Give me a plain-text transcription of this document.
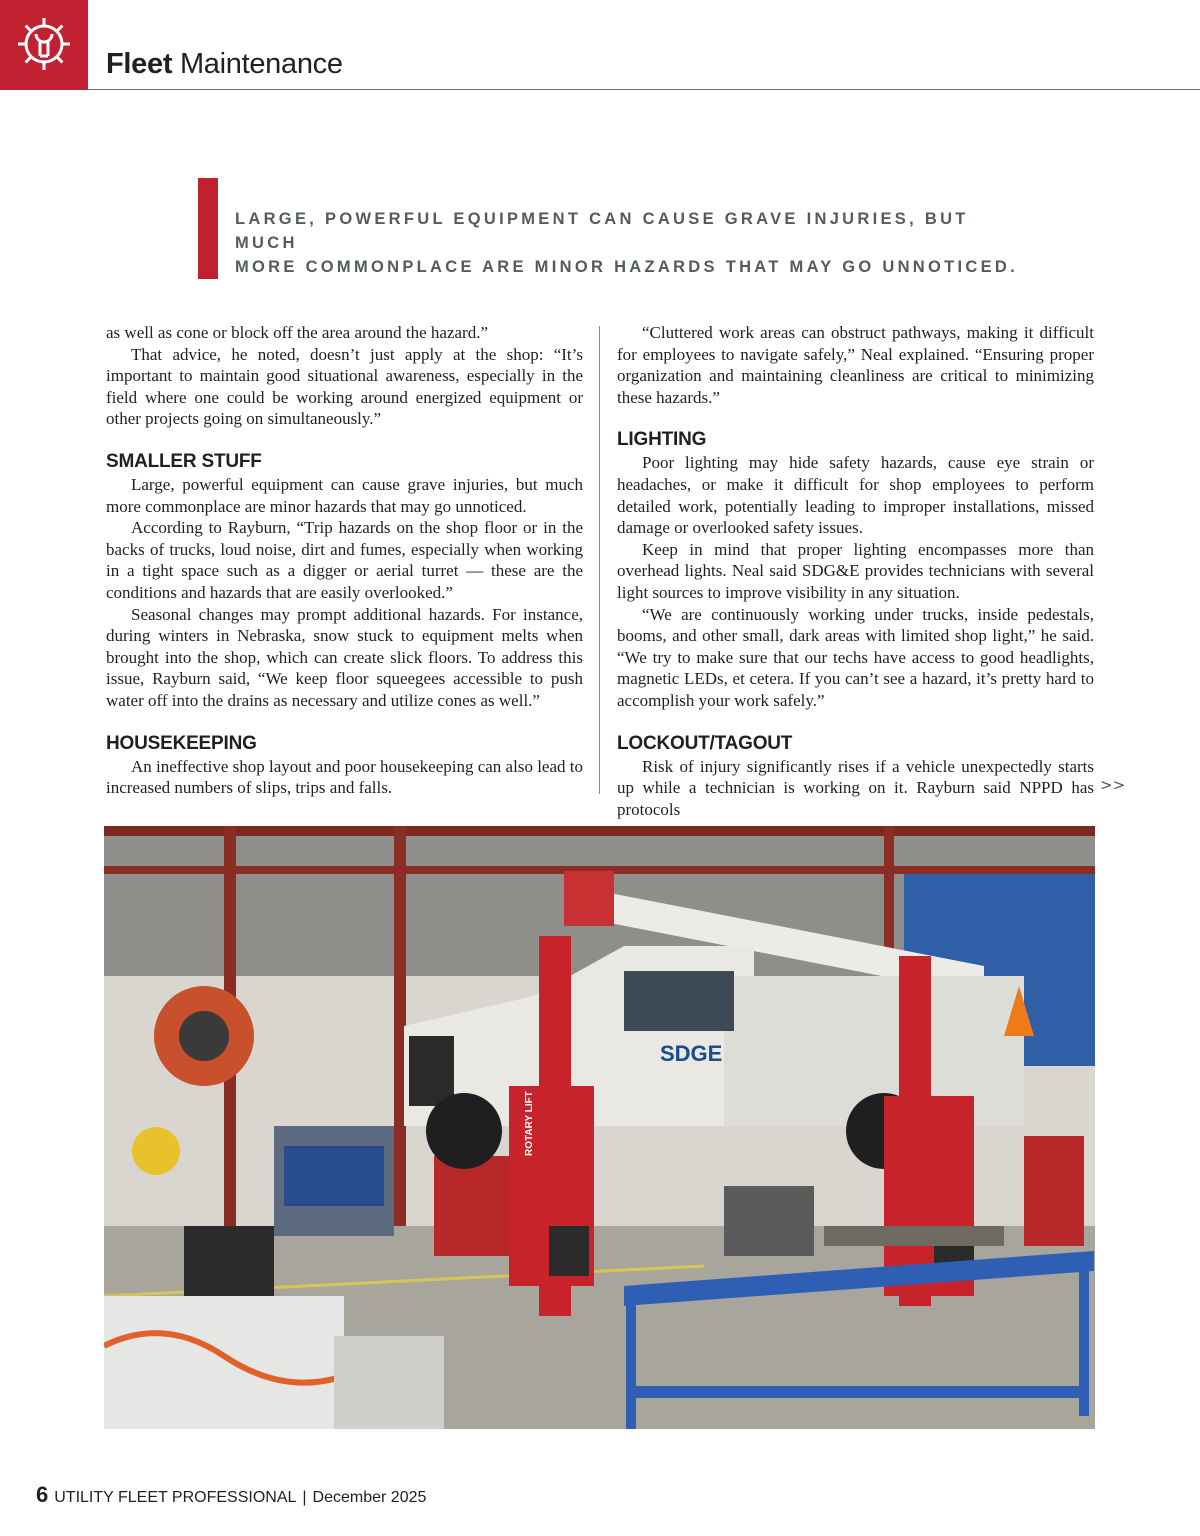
Fleet Maintenance
LARGE, POWERFUL EQUIPMENT CAN CAUSE GRAVE INJURIES, BUT MUCH
MORE COMMONPLACE ARE MINOR HAZARDS THAT MAY GO UNNOTICED.

as well as cone or block off the area around the hazard.”

That advice, he noted, doesn’t just apply at the shop: “It’s important to maintain good situational awareness, especially in the field where one could be working around energized equipment or other projects going on simultaneously.”

SMALLER STUFF

Large, powerful equipment can cause grave injuries, but much more commonplace are minor hazards that may go unnoticed.

According to Rayburn, “Trip hazards on the shop floor or in the backs of trucks, loud noise, dirt and fumes, especially when working in a tight space such as a digger or aerial turret — these are the conditions and hazards that are easily overlooked.”

Seasonal changes may prompt additional hazards. For instance, during winters in Nebraska, snow stuck to equipment melts when brought into the shop, which can create slick floors. To address this issue, Rayburn said, “We keep floor squeegees accessible to push water off into the drains as necessary and utilize cones as well.”

HOUSEKEEPING

An ineffective shop layout and poor housekeeping can also lead to increased numbers of slips, trips and falls.

“Cluttered work areas can obstruct pathways, making it difficult for employees to navigate safely,” Neal explained. “Ensuring proper organization and maintaining cleanliness are critical to minimizing these hazards.”

LIGHTING

Poor lighting may hide safety hazards, cause eye strain or headaches, or make it difficult for shop employees to perform detailed work, potentially leading to improper installations, missed damage or overlooked safety issues.

Keep in mind that proper lighting encompasses more than overhead lights. Neal said SDG&E provides technicians with several light sources to improve visibility in any situation.

“We are continuously working under trucks, inside pedestals, booms, and other small, dark areas with limited shop light,” he said. “We try to make sure that our techs have access to good headlights, magnetic LEDs, et cetera. If you can’t see a hazard, it’s pretty hard to accomplish your work safely.”

LOCKOUT/TAGOUT

Risk of injury significantly rises if a vehicle unexpectedly starts up while a technician is working on it. Rayburn said NPPD has protocols

>>
SDGE
ROTARY LIFT
6 UTILITY FLEET PROFESSIONAL | December 2025
